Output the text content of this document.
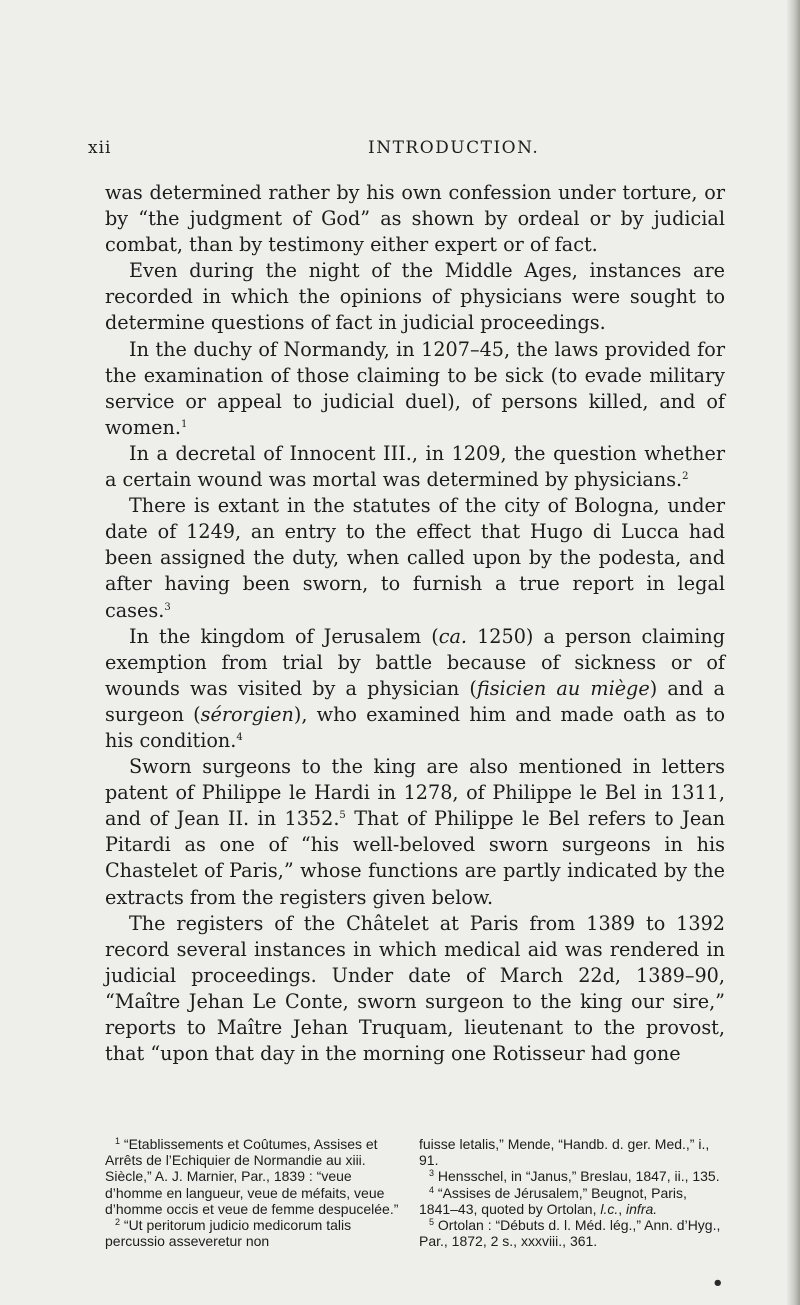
xii	INTRODUCTION.

was determined rather by his own confession under torture, or by “the judgment of God” as shown by ordeal or by judicial combat, than by testimony either expert or of fact.

Even during the night of the Middle Ages, instances are recorded in which the opinions of physicians were sought to determine questions of fact in judicial proceedings.

In the duchy of Normandy, in 1207–45, the laws provided for the examination of those claiming to be sick (to evade military service or appeal to judicial duel), of persons killed, and of women.$^1$

In a decretal of Innocent III., in 1209, the question whether a certain wound was mortal was determined by physicians.$^2$

There is extant in the statutes of the city of Bologna, under date of 1249, an entry to the effect that Hugo di Lucca had been assigned the duty, when called upon by the podesta, and after having been sworn, to furnish a true report in legal cases.$^3$

In the kingdom of Jerusalem (ca. 1250) a person claiming exemption from trial by battle because of sickness or of wounds was visited by a physician (fisicien au miège) and a surgeon (sérorgien), who examined him and made oath as to his condition.$^4$

Sworn surgeons to the king are also mentioned in letters patent of Philippe le Hardi in 1278, of Philippe le Bel in 1311, and of Jean II. in 1352.$^5$ That of Philippe le Bel refers to Jean Pitardi as one of “his well-beloved sworn surgeons in his Chastelet of Paris,” whose functions are partly indicated by the extracts from the registers given below.

The registers of the Châtelet at Paris from 1389 to 1392 record several instances in which medical aid was rendered in judicial proceedings. Under date of March 22d, 1389–90, “Maître Jehan Le Conte, sworn surgeon to the king our sire,” reports to Maître Jehan Truquam, lieutenant to the provost, that “upon that day in the morning one Rotisseur had gone

$^1$ “Etablissements et Coûtumes, Assises et Arrêts de l’Echiquier de Normandie au xiii. Siècle,” A. J. Marnier, Par., 1839 : “veue d’homme en langueur, veue de méfaits, veue d’homme occis et veue de femme despucelée.”

$^2$ “Ut peritorum judicio medicorum talis percussio asseveretur non

fuisse letalis,” Mende, “Handb. d. ger. Med.,” i., 91.

$^3$ Hensschel, in “Janus,” Breslau, 1847, ii., 135.

$^4$ “Assises de Jérusalem,” Beugnot, Paris, 1841–43, quoted by Ortolan, l.c., infra.

$^5$ Ortolan : “Débuts d. l. Méd. lég.,” Ann. d’Hyg., Par., 1872, 2 s., xxxviii., 361.

•
